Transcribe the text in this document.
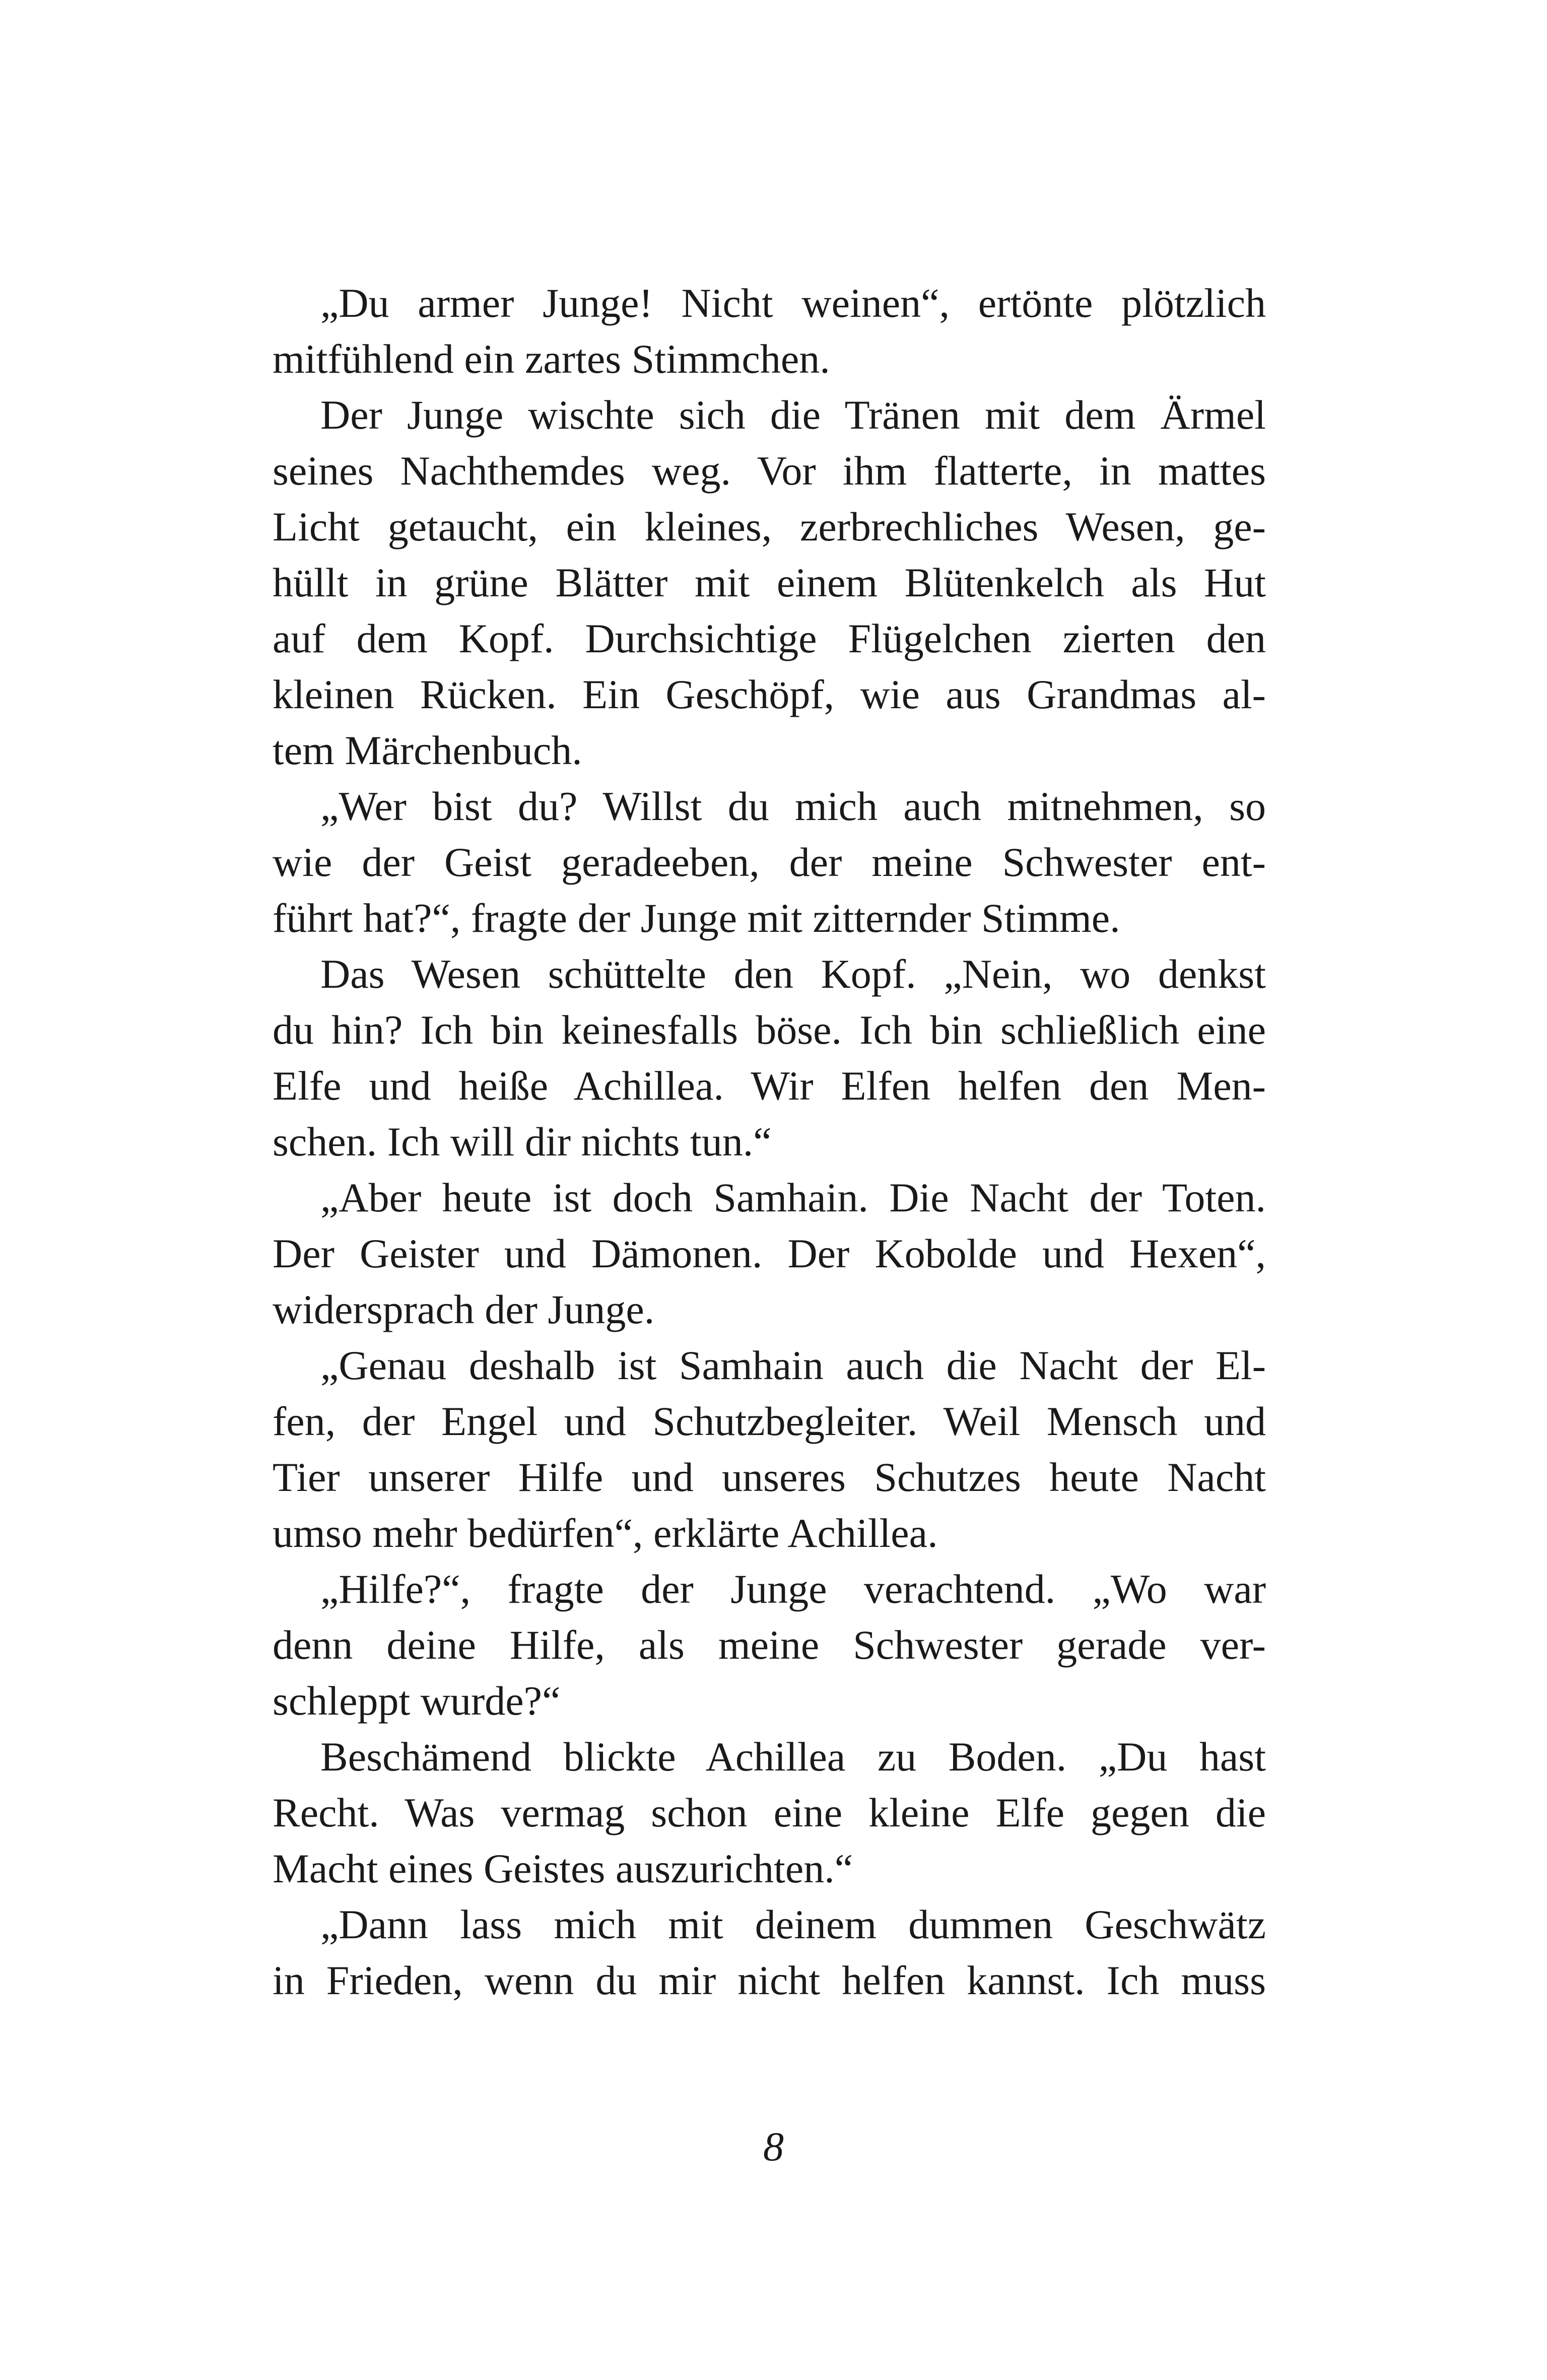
„Du armer Junge! Nicht weinen“, ertönte plötzlich
mitfühlend ein zartes Stimmchen.
Der Junge wischte sich die Tränen mit dem Ärmel
seines Nachthemdes weg. Vor ihm flatterte, in mattes
Licht getaucht, ein kleines, zerbrechliches Wesen, ge-
hüllt in grüne Blätter mit einem Blütenkelch als Hut
auf dem Kopf. Durchsichtige Flügelchen zierten den
kleinen Rücken. Ein Geschöpf, wie aus Grandmas al-
tem Märchenbuch.
„Wer bist du? Willst du mich auch mitnehmen, so
wie der Geist geradeeben, der meine Schwester ent-
führt hat?“, fragte der Junge mit zitternder Stimme.
Das Wesen schüttelte den Kopf. „Nein, wo denkst
du hin? Ich bin keinesfalls böse. Ich bin schließlich eine
Elfe und heiße Achillea. Wir Elfen helfen den Men-
schen. Ich will dir nichts tun.“
„Aber heute ist doch Samhain. Die Nacht der Toten.
Der Geister und Dämonen. Der Kobolde und Hexen“,
widersprach der Junge.
„Genau deshalb ist Samhain auch die Nacht der El-
fen, der Engel und Schutzbegleiter. Weil Mensch und
Tier unserer Hilfe und unseres Schutzes heute Nacht
umso mehr bedürfen“, erklärte Achillea.
„Hilfe?“, fragte der Junge verachtend. „Wo war
denn deine Hilfe, als meine Schwester gerade ver-
schleppt wurde?“
Beschämend blickte Achillea zu Boden. „Du hast
Recht. Was vermag schon eine kleine Elfe gegen die
Macht eines Geistes auszurichten.“
„Dann lass mich mit deinem dummen Geschwätz
in Frieden, wenn du mir nicht helfen kannst. Ich muss
8
